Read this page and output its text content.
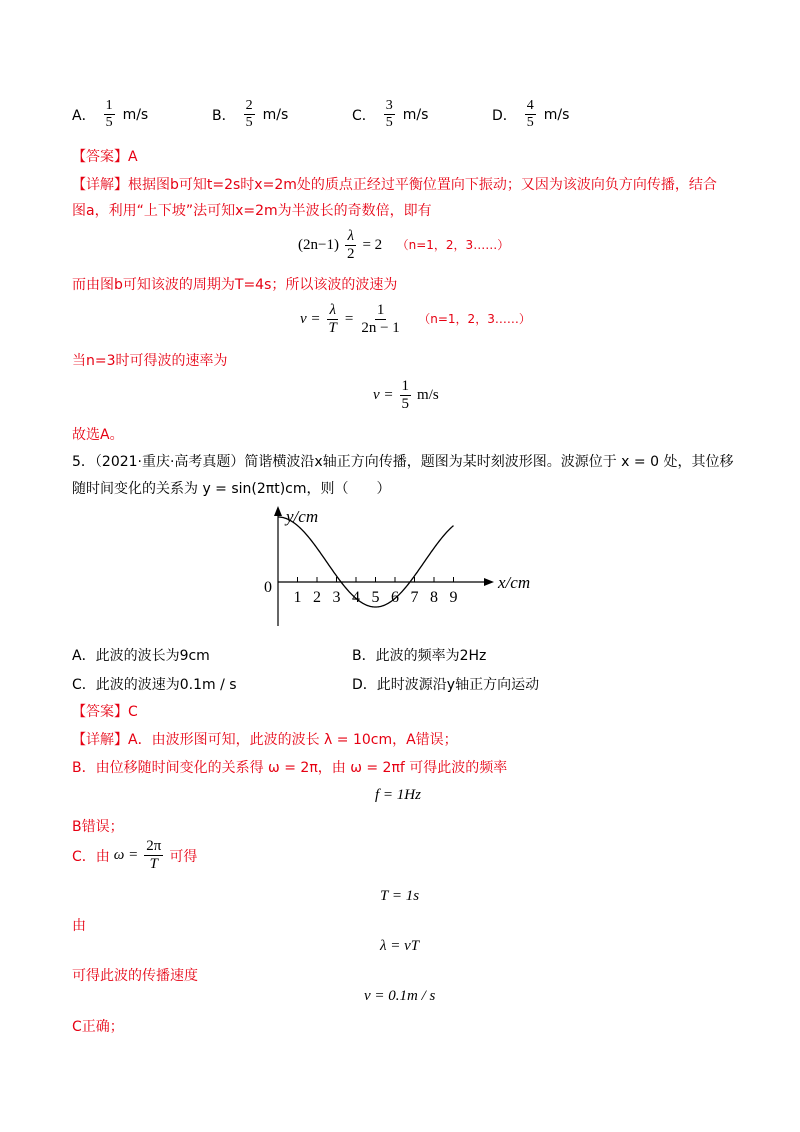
A． $\frac{1}{5} m/s$	B． $\frac{2}{5} m/s$	C． $\frac{3}{5} m/s$	D． $\frac{4}{5} m/s$
【答案】A
【详解】根据图b可知t=2s时x=2m处的质点正经过平衡位置向下振动；又因为该波向负方向传播，结合
图a，利用“上下坡”法可知x=2m为半波长的奇数倍，即有
$(2n-1) \frac{\lambda}{2} = 2$ （n=1，2，3……）
而由图b可知该波的周期为T=4s；所以该波的波速为
$v = \frac{\lambda}{T} = \frac{1}{2n - 1} (n=1$，2，3……）
当n=3时可得波的速率为
$v = \frac{1}{5} m/s$
故选A。
5．（2021·重庆·高考真题）简谐横波沿x轴正方向传播，题图为某时刻波形图。波源位于 x = 0 处，其位移
随时间变化的关系为 y = sin(2πt)cm，则（　　）
y/cm
x/cm
0
1 2 3 4 5 6 7 8 9
A．此波的波长为9cm	B．此波的频率为2Hz
C．此波的波速为0.1m / s	D．此时波源沿y轴正方向运动
【答案】C
【详解】A．由波形图可知，此波的波长 λ = 10cm，A错误；
B．由位移随时间变化的关系得 ω = 2π，由 ω = 2πf 可得此波的频率
f = 1Hz
B错误；
C．由 $\omega = \frac{2\pi}{T}$ 可得
T = 1s
由
λ = vT
可得此波的传播速度
v = 0.1m / s
C正确；
